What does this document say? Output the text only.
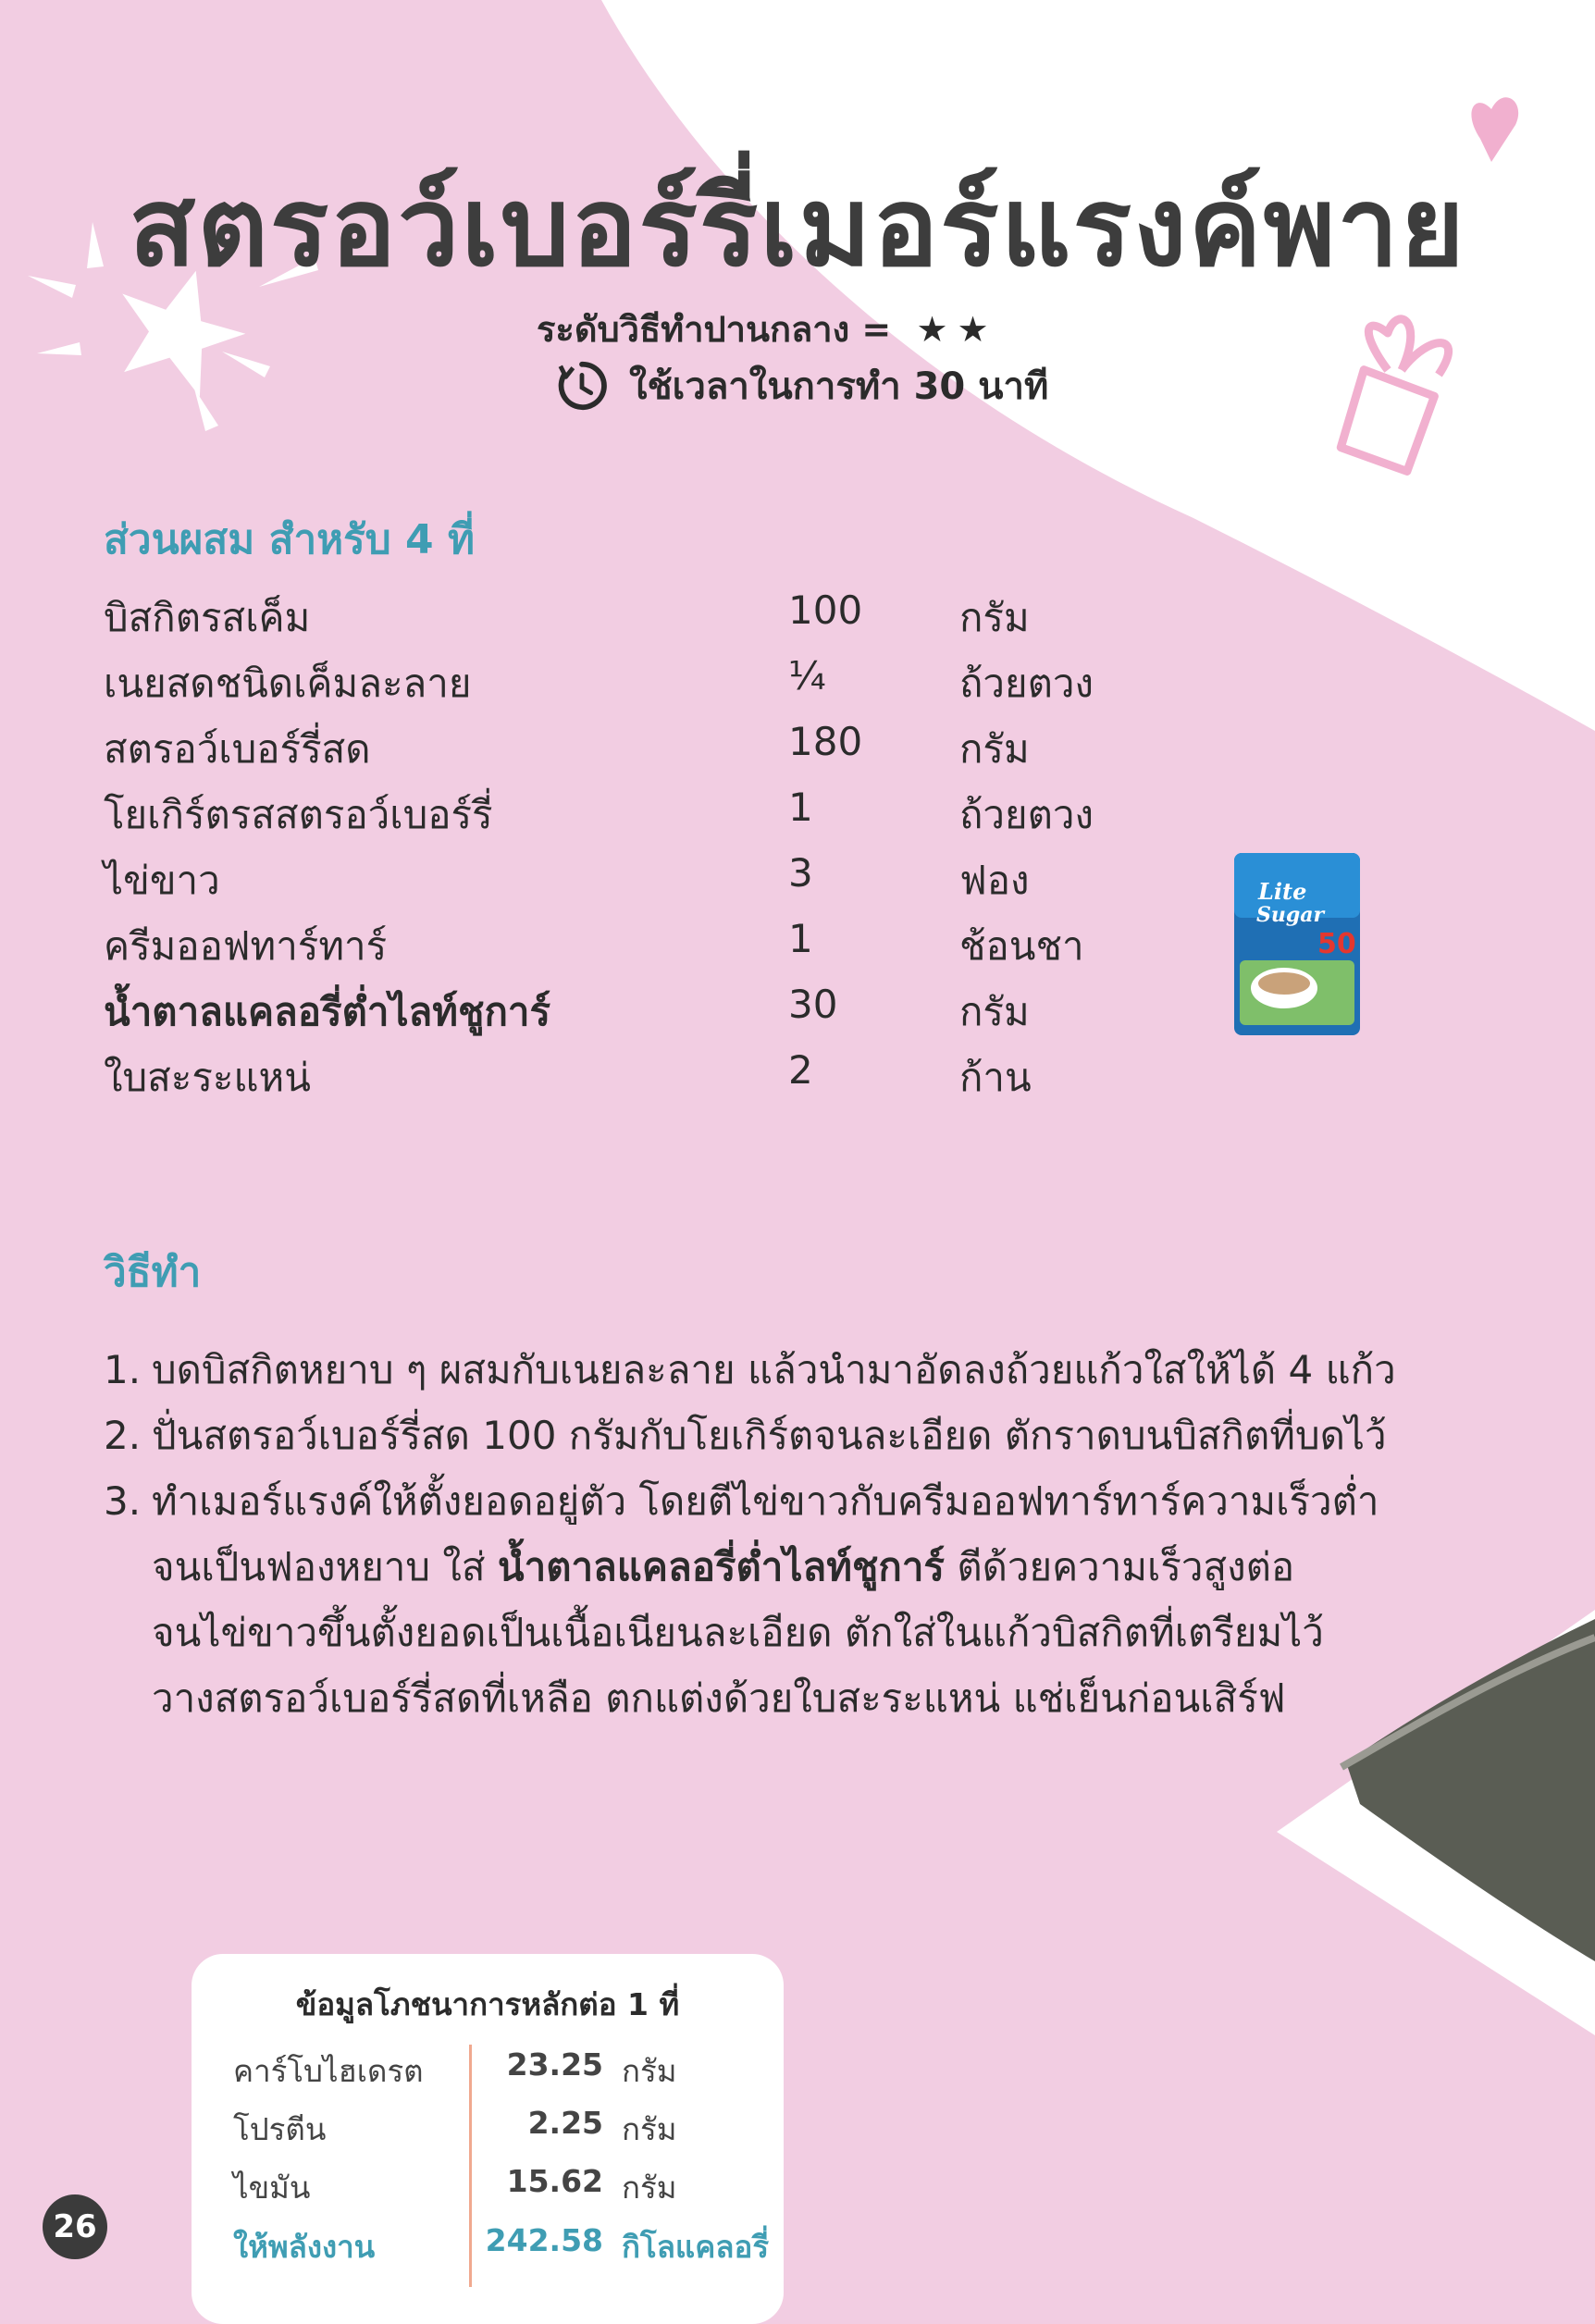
สตรอว์เบอร์รี่เมอร์แรงค์พาย
ระดับวิธีทำปานกลาง = ★★
ใช้เวลาในการทำ 30 นาที
ส่วนผสม สำหรับ 4 ที่
บิสกิตรสเค็ม	100 กรัม
เนยสดชนิดเค็มละลาย	¼	ถ้วยตวง
สตรอว์เบอร์รี่สด	180 กรัม
โยเกิร์ตรสสตรอว์เบอร์รี่	1	ถ้วยตวง
ไข่ขาว	3	ฟอง
ครีมออฟทาร์ทาร์	1	ช้อนชา
น้ำตาลแคลอรี่ต่ำไลท์ชูการ์	30	กรัม
ใบสะระแหน่	2	ก้าน
Lite
Sugar
50
วิธีทำ
1. บดบิสกิตหยาบ ๆ ผสมกับเนยละลาย แล้วนำมาอัดลงถ้วยแก้วใสให้ได้ 4 แก้ว
2. ปั่นสตรอว์เบอร์รี่สด 100 กรัมกับโยเกิร์ตจนละเอียด ตักราดบนบิสกิตที่บดไว้
3. ทำเมอร์แรงค์ให้ตั้งยอดอยู่ตัว โดยตีไข่ขาวกับครีมออฟทาร์ทาร์ความเร็วต่ำ
จนเป็นฟองหยาบ ใส่ น้ำตาลแคลอรี่ต่ำไลท์ชูการ์ ตีด้วยความเร็วสูงต่อ
จนไข่ขาวขึ้นตั้งยอดเป็นเนื้อเนียนละเอียด ตักใส่ในแก้วบิสกิตที่เตรียมไว้
วางสตรอว์เบอร์รี่สดที่เหลือ ตกแต่งด้วยใบสะระแหน่ แช่เย็นก่อนเสิร์ฟ
ข้อมูลโภชนาการหลักต่อ 1 ที่
คาร์โบไฮเดรต	23.25 กรัม
โปรตีน	2.25 กรัม
ไขมัน	15.62 กรัม
ให้พลังงาน	242.58 กิโลแคลอรี่
26
